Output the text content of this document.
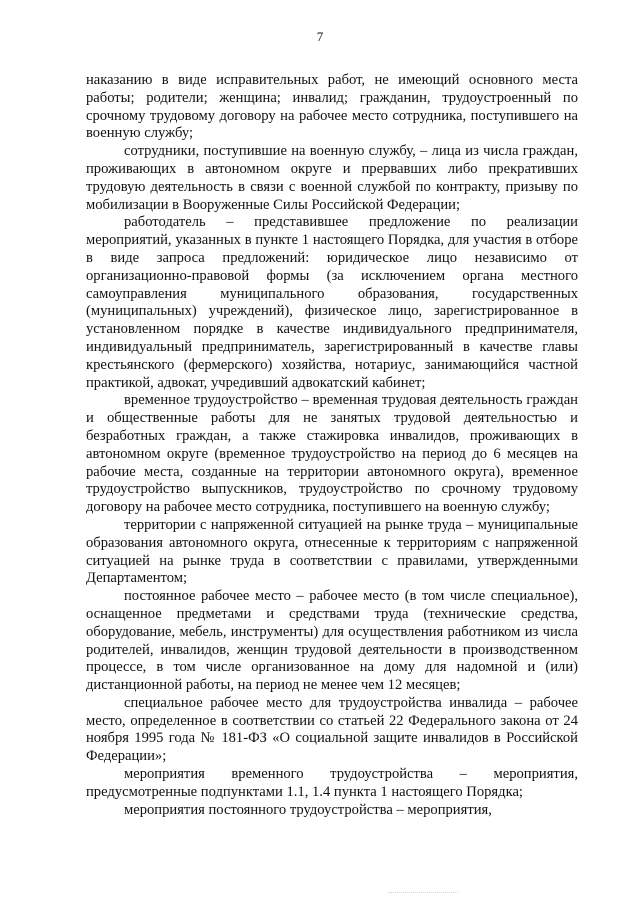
7

наказанию в виде исправительных работ, не имеющий основного места работы; родители; женщина; инвалид; гражданин, трудоустроенный по срочному трудовому договору на рабочее место сотрудника, поступившего на военную службу;

сотрудники, поступившие на военную службу, – лица из числа граждан, проживающих в автономном округе и прервавших либо прекративших трудовую деятельность в связи с военной службой по контракту, призыву по мобилизации в Вооруженные Силы Российской Федерации;

работодатель – представившее предложение по реализации мероприятий, указанных в пункте 1 настоящего Порядка, для участия в отборе в виде запроса предложений: юридическое лицо независимо от организационно-правовой формы (за исключением органа местного самоуправления муниципального образования, государственных (муниципальных) учреждений), физическое лицо, зарегистрированное в установленном порядке в качестве индивидуального предпринимателя, индивидуальный предприниматель, зарегистрированный в качестве главы крестьянского (фермерского) хозяйства, нотариус, занимающийся частной практикой, адвокат, учредивший адвокатский кабинет;

временное трудоустройство – временная трудовая деятельность граждан и общественные работы для не занятых трудовой деятельностью и безработных граждан, а также стажировка инвалидов, проживающих в автономном округе (временное трудоустройство на период до 6 месяцев на рабочие места, созданные на территории автономного округа), временное трудоустройство выпускников, трудоустройство по срочному трудовому договору на рабочее место сотрудника, поступившего на военную службу;

территории с напряженной ситуацией на рынке труда – муниципальные образования автономного округа, отнесенные к территориям с напряженной ситуацией на рынке труда в соответствии с правилами, утвержденными Департаментом;

постоянное рабочее место – рабочее место (в том числе специальное), оснащенное предметами и средствами труда (технические средства, оборудование, мебель, инструменты) для осуществления работником из числа родителей, инвалидов, женщин трудовой деятельности в производственном процессе, в том числе организованное на дому для надомной и (или) дистанционной работы, на период не менее чем 12 месяцев;

специальное рабочее место для трудоустройства инвалида – рабочее место, определенное в соответствии со статьей 22 Федерального закона от 24 ноября 1995 года № 181-ФЗ «О социальной защите инвалидов в Российской Федерации»;

мероприятия временного трудоустройства – мероприятия, предусмотренные подпунктами 1.1, 1.4 пункта 1 настоящего Порядка;

мероприятия постоянного трудоустройства – мероприятия,
